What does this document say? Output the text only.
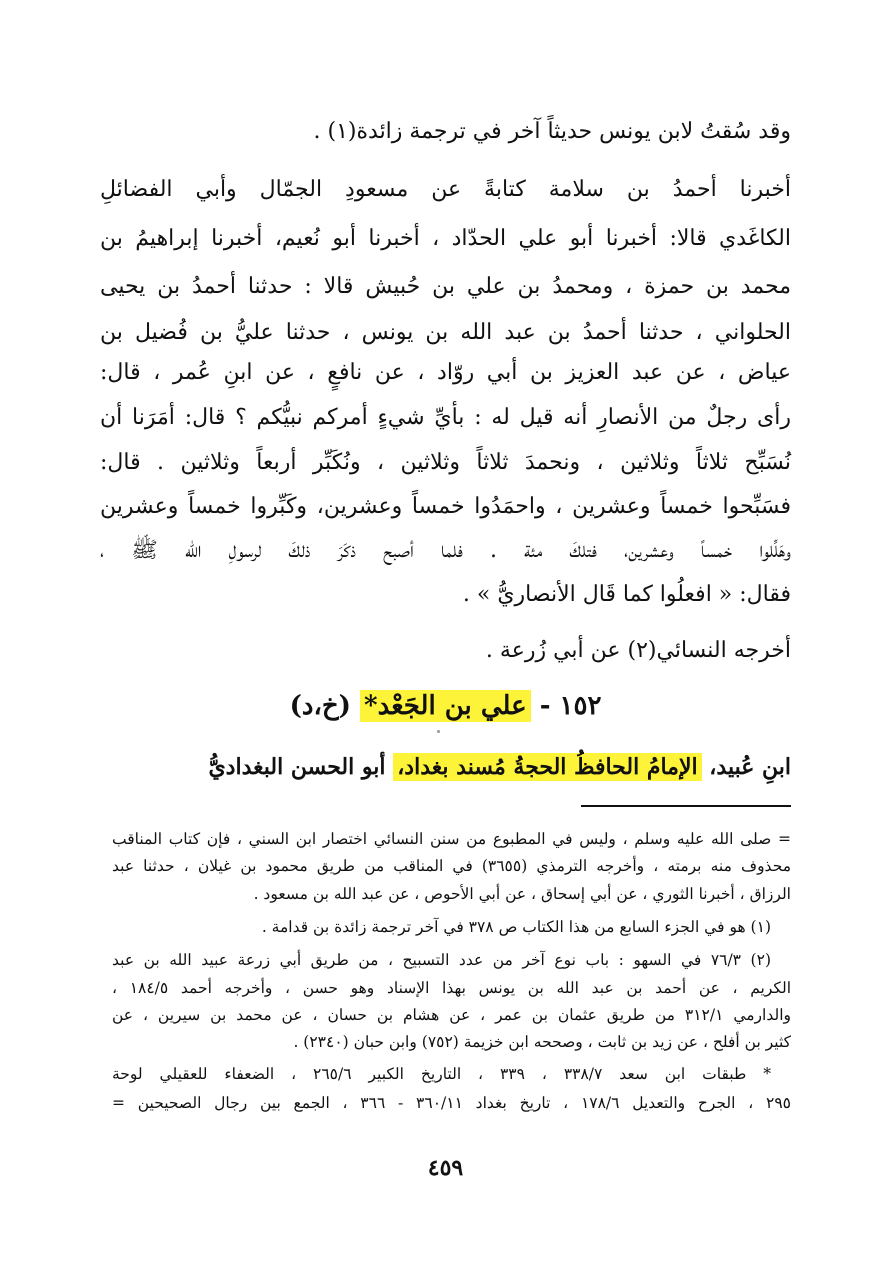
وقد سُقتُ لابن يونس حديثاً آخر في ترجمة زائدة(١) .
أخبرنا أحمدُ بن سلامة كتابةً عن مسعودِ الجمّال وأبي الفضائلِ
الكاغَدي قالا: أخبرنا أبو علي الحدّاد ، أخبرنا أبو نُعيم، أخبرنا إبراهيمُ بن
محمد بن حمزة ، ومحمدُ بن علي بن حُبيش قالا : حدثنا أحمدُ بن يحيى
الحلواني ، حدثنا أحمدُ بن عبد الله بن يونس ، حدثنا عليُّ بن فُضيل بن
عياض ، عن عبد العزيز بن أبي روّاد ، عن نافعٍ ، عن ابنِ عُمر ، قال:
رأى رجلٌ من الأنصارِ أنه قيل له : بأيِّ شيءٍ أمركم نبيُّكم ؟ قال: أمَرَنا أن
نُسَبِّح ثلاثاً وثلاثين ، ونحمدَ ثلاثاً وثلاثين ، ونُكَبِّر أربعاً وثلاثين . قال:
فسَبِّحوا خمساً وعشرين ، واحمَدُوا خمساً وعشرين، وكَبِّروا خمساً وعشرين
وهَلِّلوا خمساً وعشرين، فتلكَ مئة . فلما أصبح ذكَرَ ذلكَ لرسولِ الله ﷺ ،
فقال: « افعلُوا كما قَال الأنصاريُّ » .
أخرجه النسائي(٢) عن أبي زُرعة .
١٥٢ - علي بن الجَعْد* (خ،د)
ابنِ عُبيد، الإمامُ الحافظُ الحجةُ مُسند بغداد، أبو الحسن البغداديُّ
= صلى الله عليه وسلم ، وليس في المطبوع من سنن النسائي اختصار ابن السني ، فإن كتاب المناقب
محذوف منه برمته ، وأخرجه الترمذي (٣٦٥٥) في المناقب من طريق محمود بن غيلان ، حدثنا عبد
الرزاق ، أخبرنا الثوري ، عن أبي إسحاق ، عن أبي الأحوص ، عن عبد الله بن مسعود .
(١) هو في الجزء السابع من هذا الكتاب ص ٣٧٨ في آخر ترجمة زائدة بن قدامة .
(٢) ٧٦/٣ في السهو : باب نوع آخر من عدد التسبيح ، من طريق أبي زرعة عبيد الله بن عبد
الكريم ، عن أحمد بن عبد الله بن يونس بهذا الإسناد وهو حسن ، وأخرجه أحمد ١٨٤/٥ ،
والدارمي ٣١٢/١ من طريق عثمان بن عمر ، عن هشام بن حسان ، عن محمد بن سيرين ، عن
كثير بن أفلح ، عن زيد بن ثابت ، وصححه ابن خزيمة (٧٥٢) وابن حبان (٢٣٤٠) .
* طبقات ابن سعد ٣٣٨/٧ ، ٣٣٩ ، التاريخ الكبير ٢٦٥/٦ ، الضعفاء للعقيلي لوحة
٢٩٥ ، الجرح والتعديل ١٧٨/٦ ، تاريخ بغداد ٣٦٠/١١ - ٣٦٦ ، الجمع بين رجال الصحيحين =
٤٥٩
